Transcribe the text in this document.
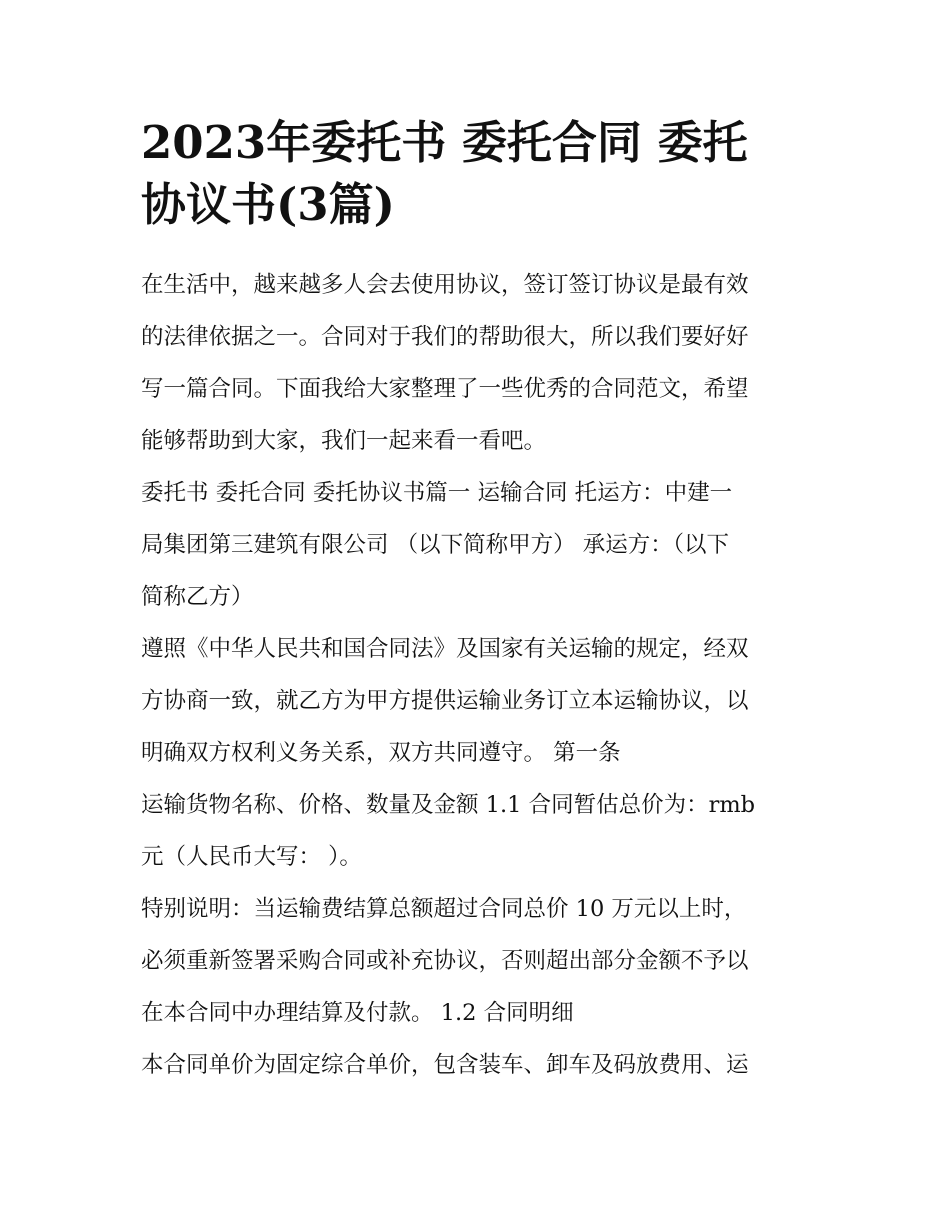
2023年委托书 委托合同 委托
协议书(3篇)

在生活中，越来越多人会去使用协议，签订签订协议是最有效
的法律依据之一。合同对于我们的帮助很大，所以我们要好好
写一篇合同。下面我给大家整理了一些优秀的合同范文，希望
能够帮助到大家，我们一起来看一看吧。

委托书 委托合同 委托协议书篇一 运输合同 托运方：中建一
局集团第三建筑有限公司 （以下简称甲方） 承运方：（以下
简称乙方）

遵照《中华人民共和国合同法》及国家有关运输的规定，经双
方协商一致，就乙方为甲方提供运输业务订立本运输协议，以
明确双方权利义务关系，双方共同遵守。 第一条

运输货物名称、价格、数量及金额 1.1 合同暂估总价为：rmb
元（人民币大写： ）。

特别说明：当运输费结算总额超过合同总价 10 万元以上时，
必须重新签署采购合同或补充协议，否则超出部分金额不予以
在本合同中办理结算及付款。 1.2 合同明细

本合同单价为固定综合单价，包含装车、卸车及码放费用、运
